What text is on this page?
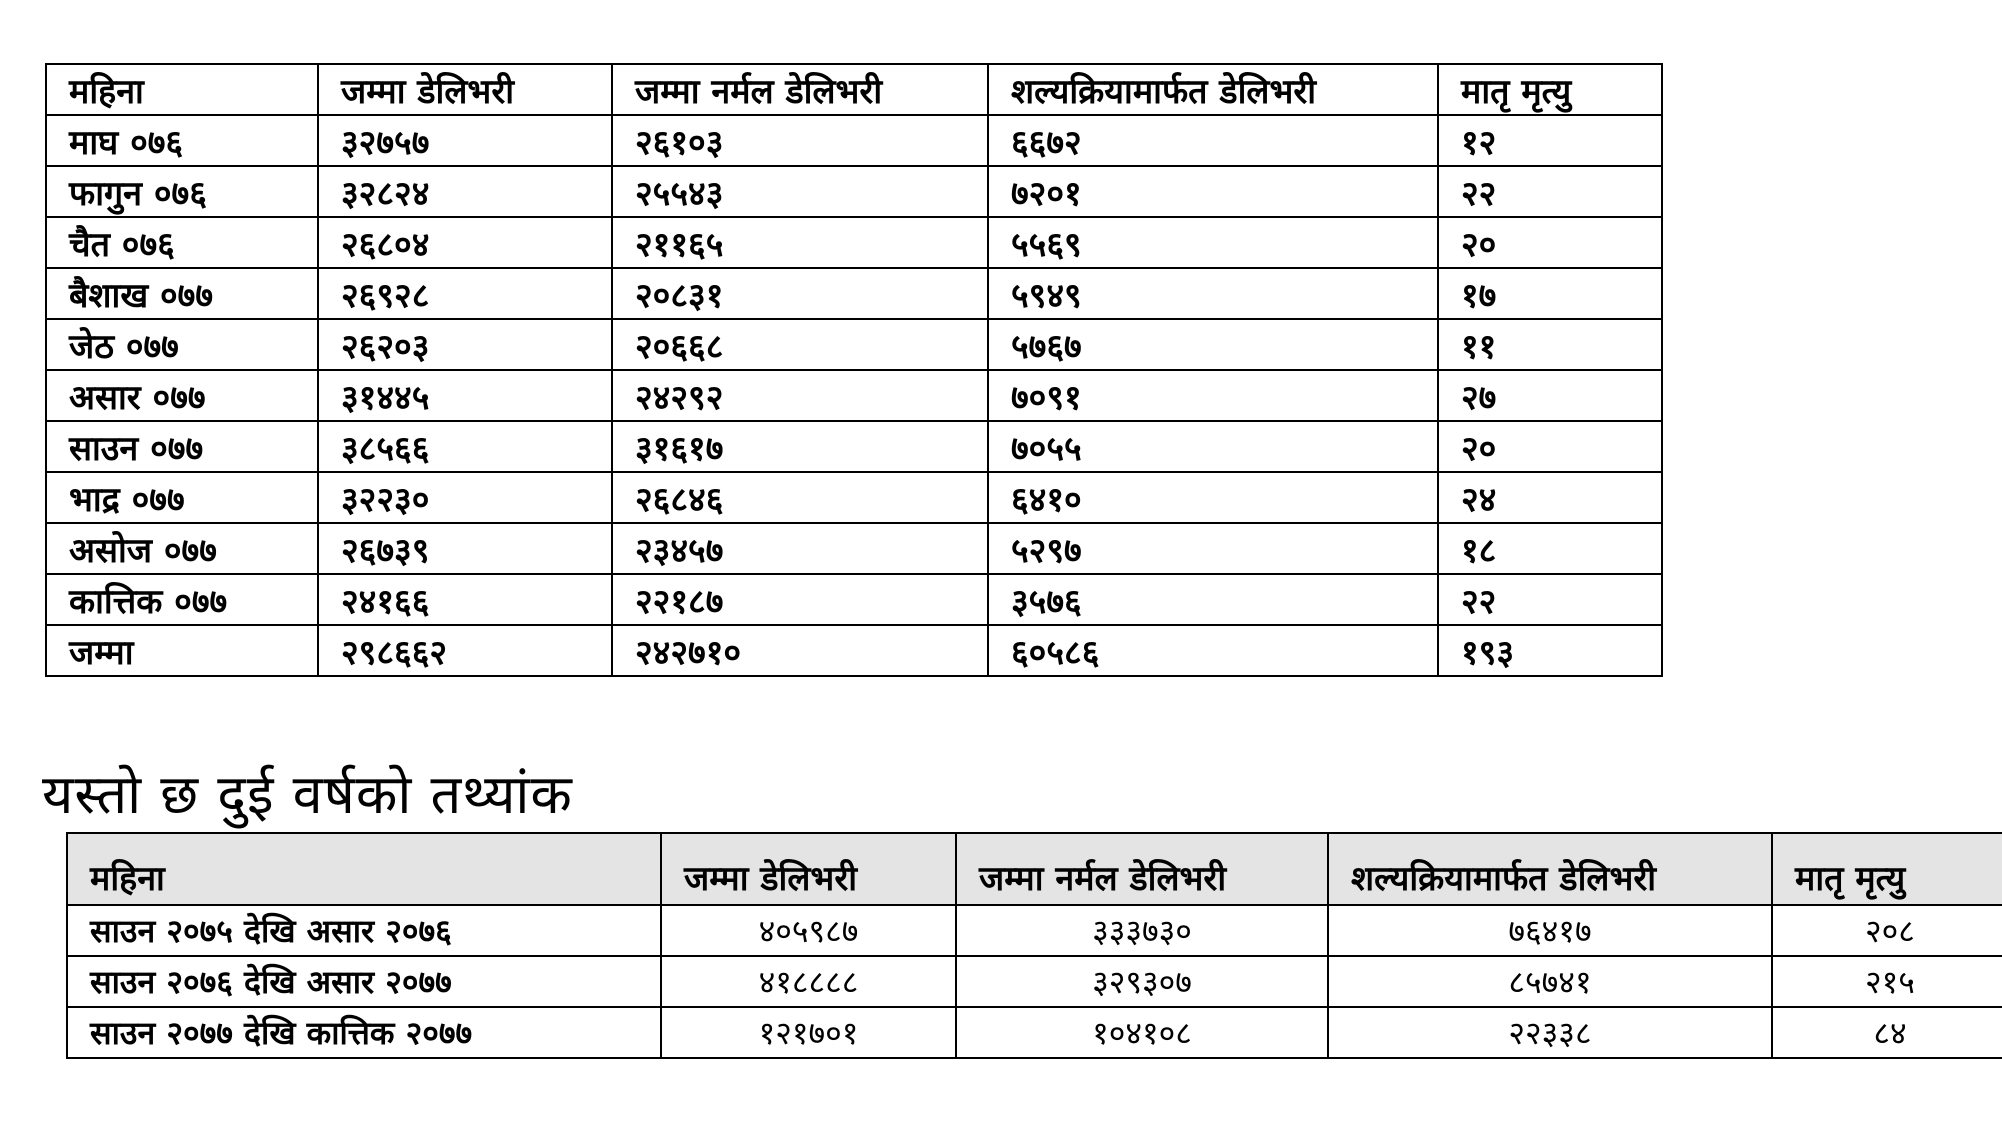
महिना	जम्मा डेलिभरी	जम्मा नर्मल डेलिभरी	शल्यक्रियामार्फत डेलिभरी	मातृ मृत्यु
माघ ०७६	३२७५७	२६१०३	६६७२	१२
फागुन ०७६	३२८२४	२५५४३	७२०१	२२
चैत ०७६	२६८०४	२११६५	५५६९	२०
बैशाख ०७७	२६९२८	२०८३१	५९४९	१७
जेठ ०७७	२६२०३	२०६६८	५७६७	११
असार ०७७	३१४४५	२४२९२	७०९१	२७
साउन ०७७	३८५६६	३१६१७	७०५५	२०
भाद्र ०७७	३२२३०	२६८४६	६४१०	२४
असोज ०७७	२६७३९	२३४५७	५२९७	१८
कात्तिक ०७७	२४१६६	२२१८७	३५७६	२२
जम्मा	२९८६६२	२४२७१०	६०५८६	१९३
यस्तो छ दुई वर्षको तथ्यांक
महिना	जम्मा डेलिभरी	जम्मा नर्मल डेलिभरी	शल्यक्रियामार्फत डेलिभरी	मातृ मृत्यु
साउन २०७५ देखि असार २०७६	४०५९८७	३३३७३०	७६४१७	२०८
साउन २०७६ देखि असार २०७७	४१८८८८	३२९३०७	८५७४१	२१५
साउन २०७७ देखि कात्तिक २०७७	१२१७०१	१०४१०८	२२३३८	८४
